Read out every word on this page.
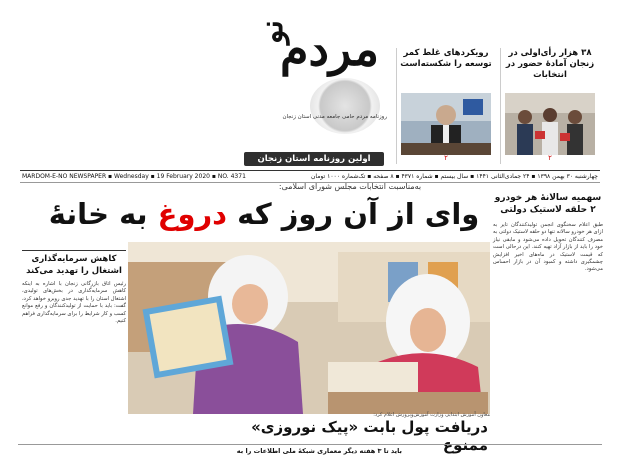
مردم
نو
روزنامه مردم حامی جامعه مدنی استان زنجان
اولین روزنامه استان زنجان
۳۸ هزار رأی‌اولی در زنجان آمادۀ حضور در انتخابات
۲
رویکردهای غلط کمر توسعه را شکسته‌است
۲
MARDOM-E-NO NEWSPAPER ▪ Wednesday ▪ 19 February 2020 ▪ NO. 4371	چهارشنبه ۳۰ بهمن ۱۳۹۸ ▪ ۲۴ جمادی‌الثانی ۱۴۴۱ ▪ سال بیستم ▪ شماره ۴۳۷۱ ▪ ۸ صفحه ▪ تک‌شماره ۱۰۰۰ تومان
به‌مناسبت انتخابات مجلس شورای اسلامی:
وای از آن روز که دروغ به خانۀ	سهمیه سالانۀ هر خودرو ۲ حلقه لاستیک دولتی
طبق اعلام سخنگوی انجمن تولیدکنندگان تایر به ازای هر خودرو سالانه تنها دو حلقه لاستیک دولتی به مصرف کنندگان تحویل داده می‌شود و مابقی نیاز خود را باید از بازار آزاد تهیه کنند. این درحالی است که قیمت لاستیک در ماه‌های اخیر افزایش چشمگیری داشته و کمبود آن در بازار احساس می‌شود.
کاهش سرمایه‌گذاری اشتغال را تهدید می‌کند
رئیس اتاق بازرگانی زنجان با اشاره به اینکه کاهش سرمایه‌گذاری در بخش‌های تولیدی، اشتغال استان را با تهدید جدی روبرو خواهد کرد، گفت: باید با حمایت از تولیدکنندگان و رفع موانع کسب و کار شرایط را برای سرمایه‌گذاری فراهم کنیم.
معاون آموزش ابتدایی وزارت آموزش‌وپرورش اعلام کرد:
دریافت پول بابت «پیک نوروزی» ممنوع
باید تا ۳ هفته دیگر معماری شبکۀ ملی اطلاعات را به
